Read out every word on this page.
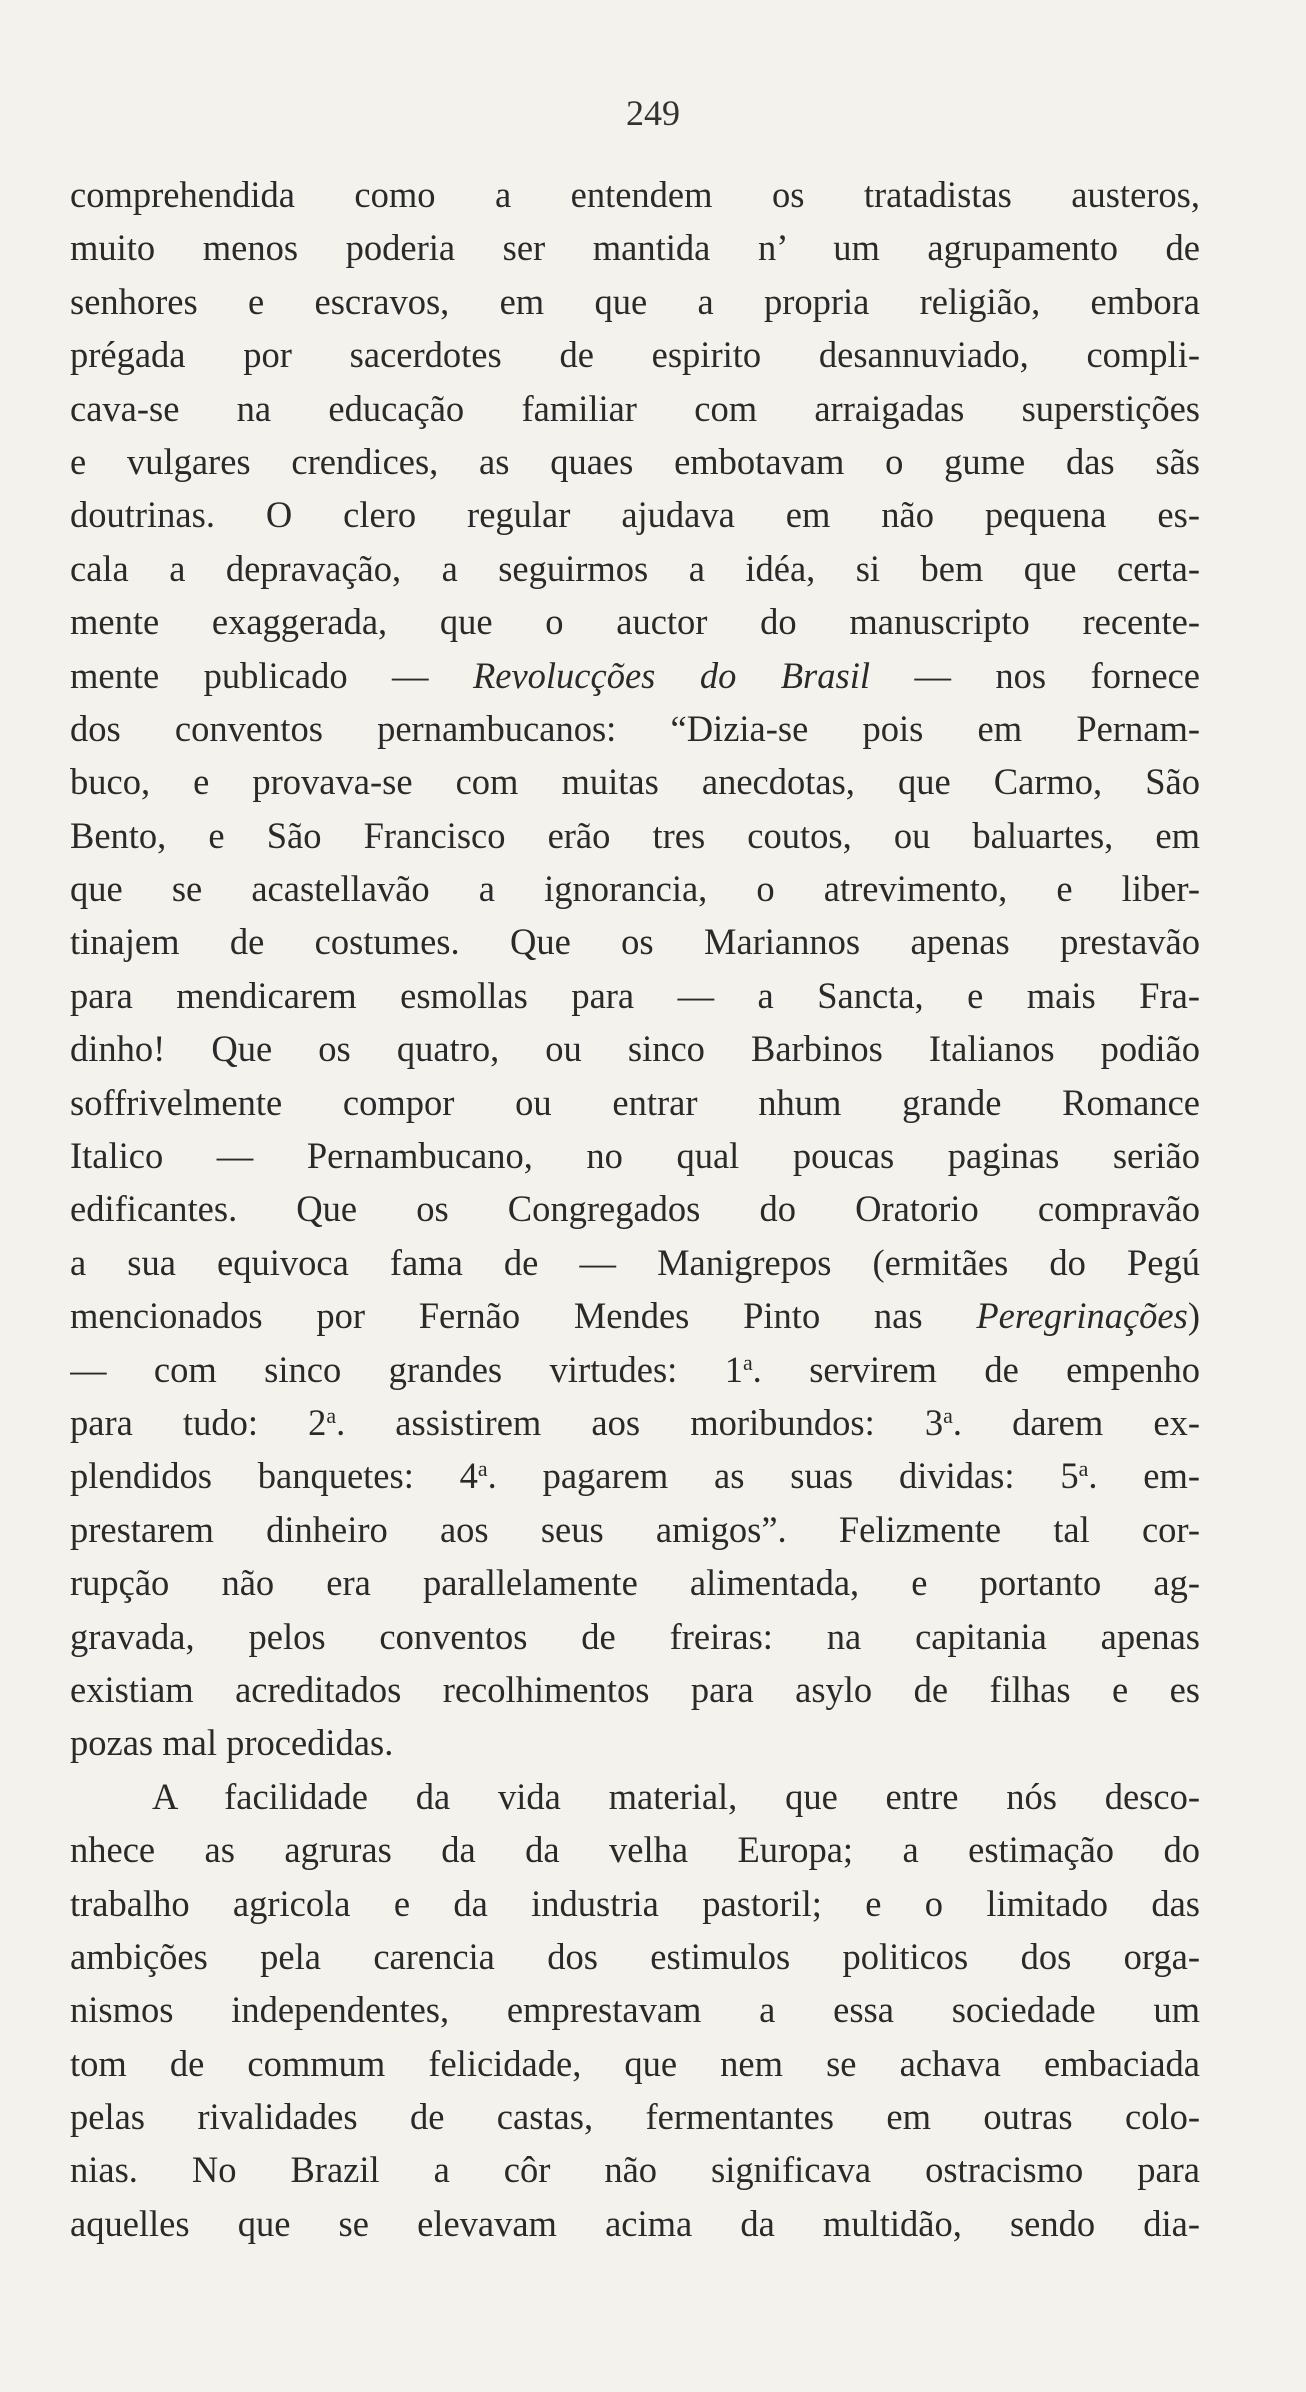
249
comprehendida como a entendem os tratadistas austeros,
muito menos poderia ser mantida n’ um agrupamento de
senhores e escravos, em que a propria religião, embora
prégada por sacerdotes de espirito desannuviado, compli-
cava-se na educação familiar com arraigadas superstições
e vulgares crendices, as quaes embotavam o gume das sãs
doutrinas. O clero regular ajudava em não pequena es-
cala a depravação, a seguirmos a idéa, si bem que certa-
mente exaggerada, que o auctor do manuscripto recente-
mente publicado — Revolucções do Brasil — nos fornece
dos conventos pernambucanos: “Dizia-se pois em Pernam-
buco, e provava-se com muitas anecdotas, que Carmo, São
Bento, e São Francisco erão tres coutos, ou baluartes, em
que se acastellavão a ignorancia, o atrevimento, e liber-
tinajem de costumes. Que os Mariannos apenas prestavão
para mendicarem esmollas para — a Sancta, e mais Fra-
dinho! Que os quatro, ou sinco Barbinos Italianos podião
soffrivelmente compor ou entrar nhum grande Romance
Italico — Pernambucano, no qual poucas paginas serião
edificantes. Que os Congregados do Oratorio compravão
a sua equivoca fama de — Manigrepos (ermitães do Pegú
mencionados por Fernão Mendes Pinto nas Peregrinações)
— com sinco grandes virtudes: 1$^a$. servirem de empenho
para tudo: 2$^a$. assistirem aos moribundos: 3$^a$. darem ex-
plendidos banquetes: 4$^a$. pagarem as suas dividas: 5$^a$. em-
prestarem dinheiro aos seus amigos”. Felizmente tal cor-
rupção não era parallelamente alimentada, e portanto ag-
gravada, pelos conventos de freiras: na capitania apenas
existiam acreditados recolhimentos para asylo de filhas e es
pozas mal procedidas.
A facilidade da vida material, que entre nós desco-
nhece as agruras da da velha Europa; a estimação do
trabalho agricola e da industria pastoril; e o limitado das
ambições pela carencia dos estimulos politicos dos orga-
nismos independentes, emprestavam a essa sociedade um
tom de commum felicidade, que nem se achava embaciada
pelas rivalidades de castas, fermentantes em outras colo-
nias. No Brazil a côr não significava ostracismo para
aquelles que se elevavam acima da multidão, sendo dia-
